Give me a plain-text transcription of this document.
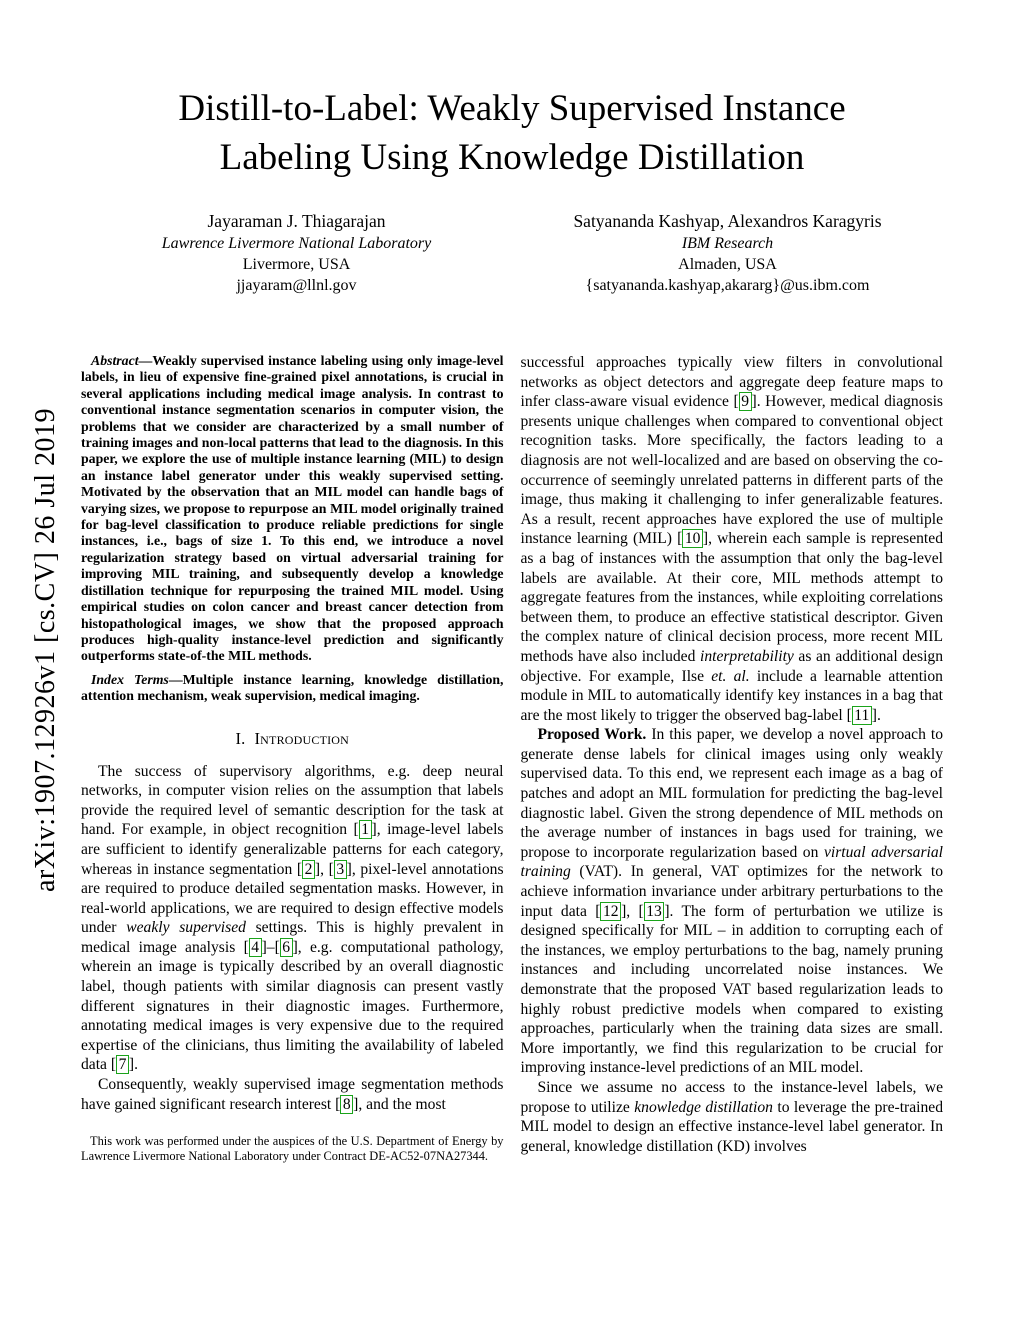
arXiv:1907.12926v1 [cs.CV] 26 Jul 2019
Distill-to-Label: Weakly Supervised Instance
Labeling Using Knowledge Distillation
Jayaraman J. Thiagarajan
Lawrence Livermore National Laboratory
Livermore, USA
jjayaram@llnl.gov
Satyananda Kashyap, Alexandros Karagyris
IBM Research
Almaden, USA
{satyananda.kashyap,akararg}@us.ibm.com

Abstract—Weakly supervised instance labeling using only image-level labels, in lieu of expensive fine-grained pixel annotations, is crucial in several applications including medical image analysis. In contrast to conventional instance segmentation scenarios in computer vision, the problems that we consider are characterized by a small number of training images and non-local patterns that lead to the diagnosis. In this paper, we explore the use of multiple instance learning (MIL) to design an instance label generator under this weakly supervised setting. Motivated by the observation that an MIL model can handle bags of varying sizes, we propose to repurpose an MIL model originally trained for bag-level classification to produce reliable predictions for single instances, i.e., bags of size 1. To this end, we introduce a novel regularization strategy based on virtual adversarial training for improving MIL training, and subsequently develop a knowledge distillation technique for repurposing the trained MIL model. Using empirical studies on colon cancer and breast cancer detection from histopathological images, we show that the proposed approach produces high-quality instance-level prediction and significantly outperforms state-of-the MIL methods.

Index Terms—Multiple instance learning, knowledge distillation, attention mechanism, weak supervision, medical imaging.

I. Introduction

The success of supervisory algorithms, e.g. deep neural networks, in computer vision relies on the assumption that labels provide the required level of semantic description for the task at hand. For example, in object recognition [ 1 ], image-level labels are sufficient to identify generalizable patterns for each category, whereas in instance segmentation [ 2 ], [ 3 ], pixel-level annotations are required to produce detailed segmentation masks. However, in real-world applications, we are required to design effective models under weakly supervised settings. This is highly prevalent in medical image analysis [ 4 ]–[ 6 ], e.g. computational pathology, wherein an image is typically described by an overall diagnostic label, though patients with similar diagnosis can present vastly different signatures in their diagnostic images. Furthermore, annotating medical images is very expensive due to the required expertise of the clinicians, thus limiting the availability of labeled data [ 7 ].

Consequently, weakly supervised image segmentation methods have gained significant research interest [ 8 ], and the most

This work was performed under the auspices of the U.S. Department of Energy by Lawrence Livermore National Laboratory under Contract DE-AC52-07NA27344.

successful approaches typically view filters in convolutional networks as object detectors and aggregate deep feature maps to infer class-aware visual evidence [ 9 ]. However, medical diagnosis presents unique challenges when compared to conventional object recognition tasks. More specifically, the factors leading to a diagnosis are not well-localized and are based on observing the co-occurrence of seemingly unrelated patterns in different parts of the image, thus making it challenging to infer generalizable features. As a result, recent approaches have explored the use of multiple instance learning (MIL) [ 10 ], wherein each sample is represented as a bag of instances with the assumption that only the bag-level labels are available. At their core, MIL methods attempt to aggregate features from the instances, while exploiting correlations between them, to produce an effective statistical descriptor. Given the complex nature of clinical decision process, more recent MIL methods have also included interpretability as an additional design objective. For example, Ilse et. al. include a learnable attention module in MIL to automatically identify key instances in a bag that are the most likely to trigger the observed bag-label [ 11 ].

Proposed Work. In this paper, we develop a novel approach to generate dense labels for clinical images using only weakly supervised data. To this end, we represent each image as a bag of patches and adopt an MIL formulation for predicting the bag-level diagnostic label. Given the strong dependence of MIL methods on the average number of instances in bags used for training, we propose to incorporate regularization based on virtual adversarial training (VAT). In general, VAT optimizes for the network to achieve information invariance under arbitrary perturbations to the input data [ 12 ], [ 13 ]. The form of perturbation we utilize is designed specifically for MIL – in addition to corrupting each of the instances, we employ perturbations to the bag, namely pruning instances and including uncorrelated noise instances. We demonstrate that the proposed VAT based regularization leads to highly robust predictive models when compared to existing approaches, particularly when the training data sizes are small. More importantly, we find this regularization to be crucial for improving instance-level predictions of an MIL model.

Since we assume no access to the instance-level labels, we propose to utilize knowledge distillation to leverage the pre-trained MIL model to design an effective instance-level label generator. In general, knowledge distillation (KD) involves
